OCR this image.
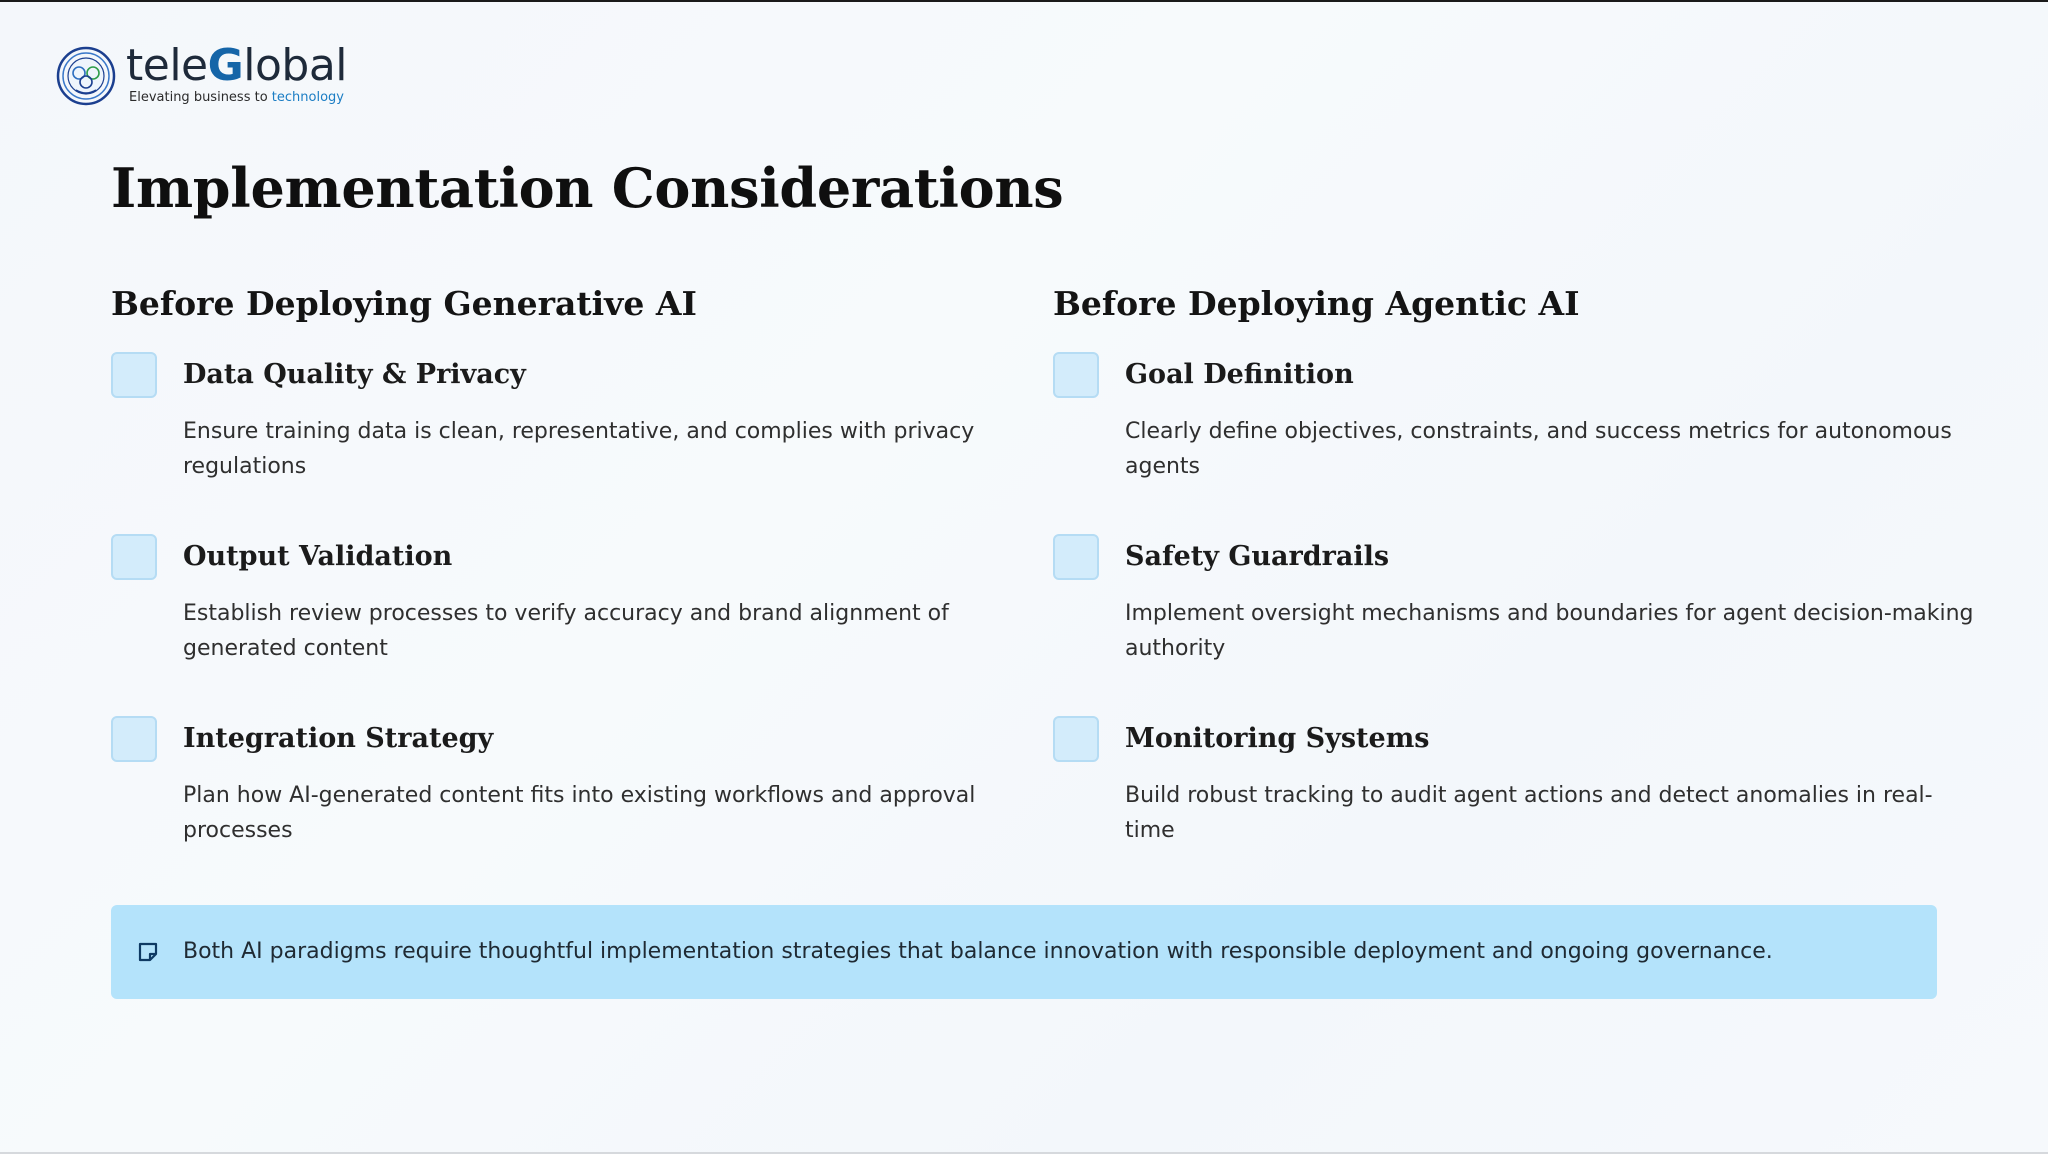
teleGlobal
Elevating business to technology
Implementation Considerations
Before Deploying Generative AI
Data Quality & Privacy

Ensure training data is clean, representative, and complies with privacy regulations

Output Validation

Establish review processes to verify accuracy and brand alignment of generated content

Integration Strategy

Plan how AI-generated content fits into existing workflows and approval processes

Before Deploying Agentic AI
Goal Definition

Clearly define objectives, constraints, and success metrics for autonomous agents

Safety Guardrails

Implement oversight mechanisms and boundaries for agent decision-making authority

Monitoring Systems

Build robust tracking to audit agent actions and detect anomalies in real-time

Both AI paradigms require thoughtful implementation strategies that balance innovation with responsible deployment and ongoing governance.
